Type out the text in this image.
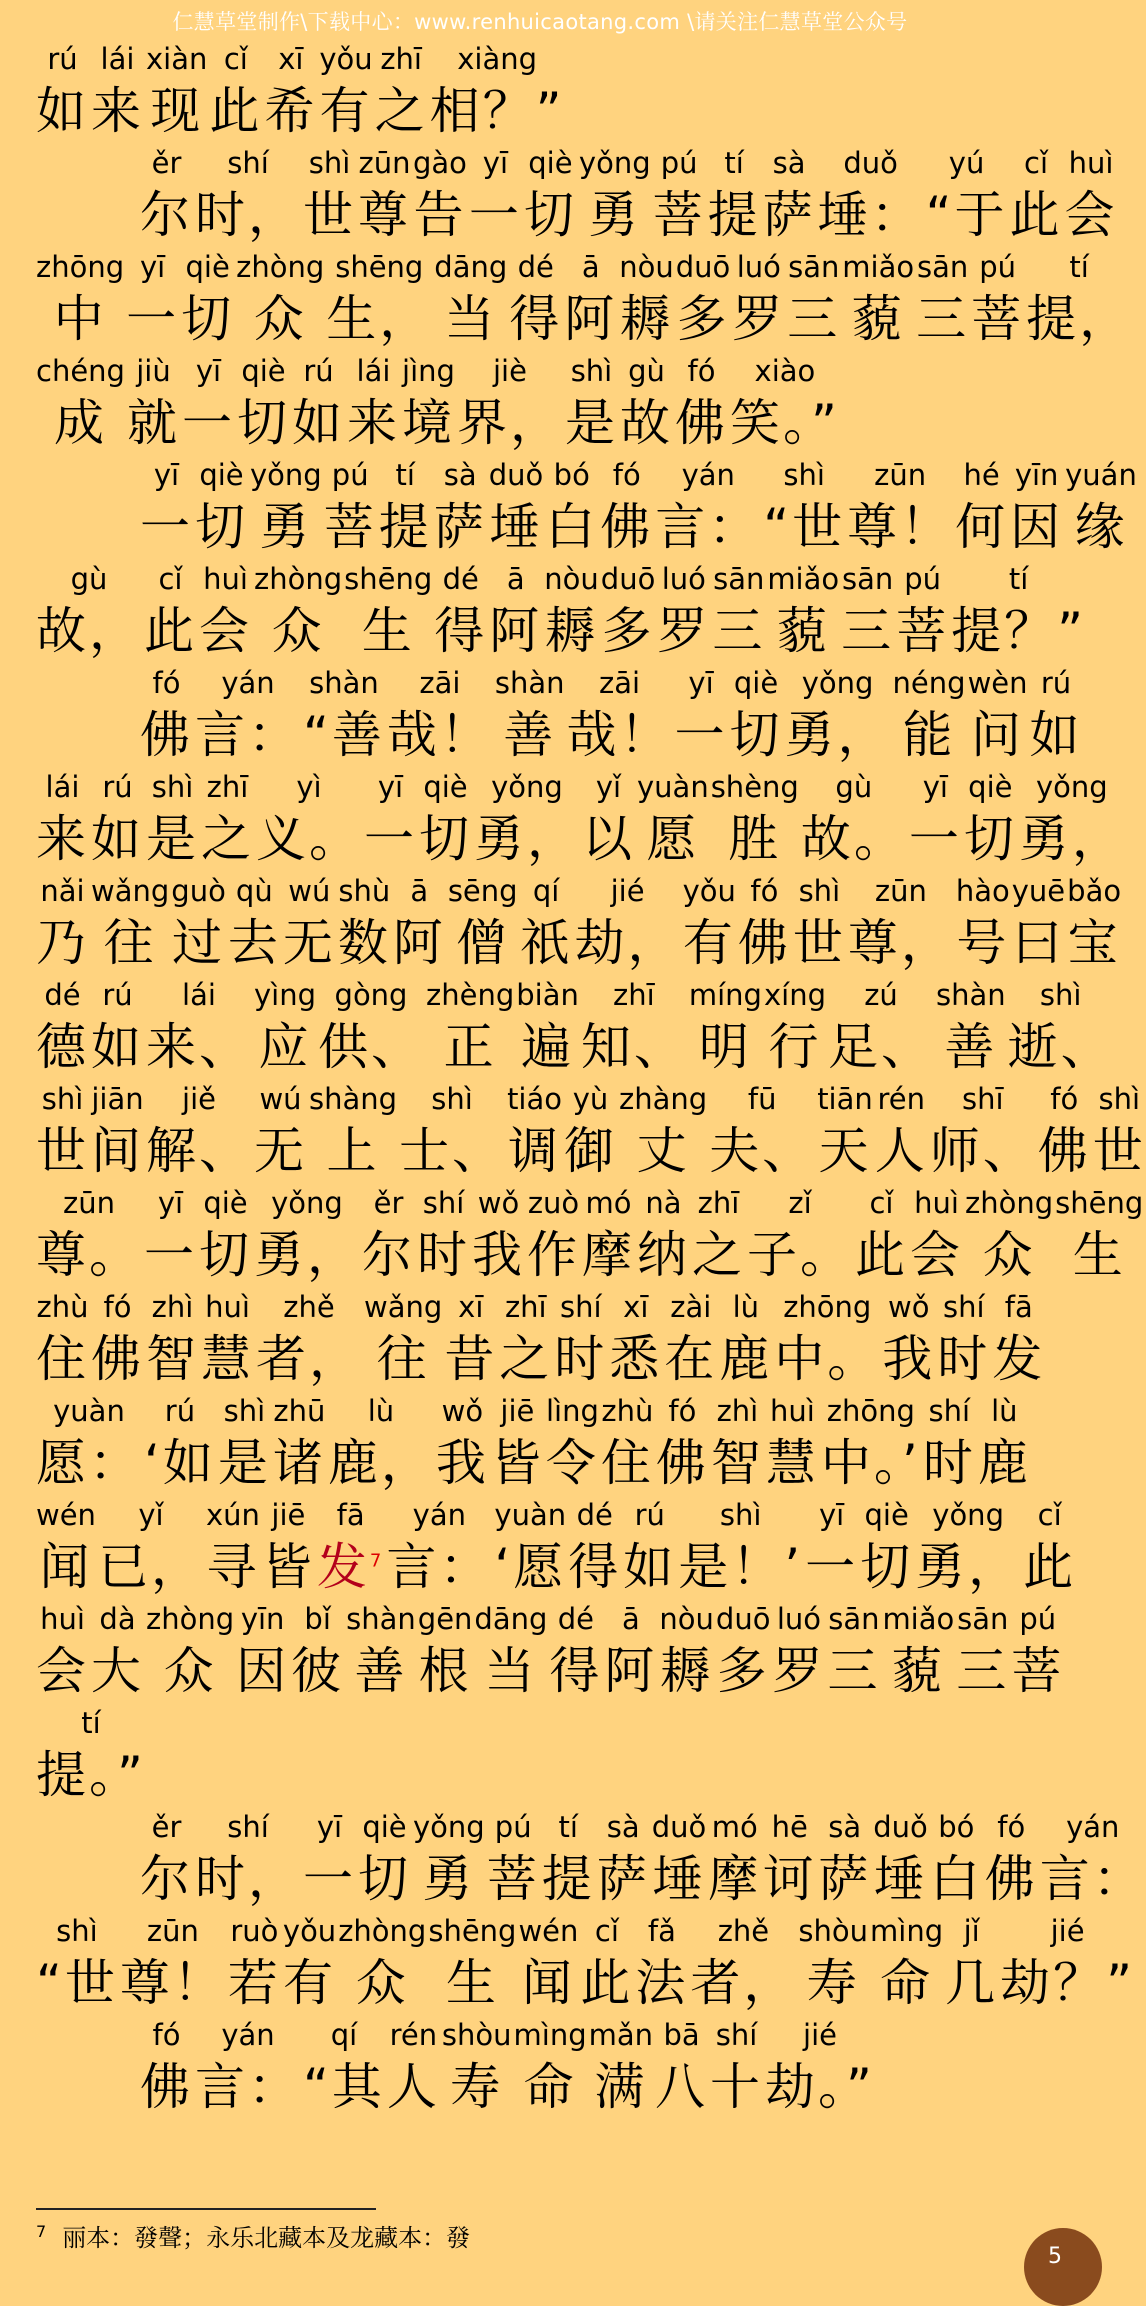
仁慧草堂制作\下载中心：www.renhuicaotang.com \请关注仁慧草堂公众号
rú
如
lái
来
xiàn
现
cǐ
此
xī
希
yǒu
有
zhī
之
xiàng
相？”
ěr
尔
shí
时，
shì
世
zūn
尊
gào
告
yī
一
qiè
切
yǒng
勇
pú
菩
tí
提
sà
萨
duǒ
埵：
yú
“于
cǐ
此
huì
会
zhōng
中
yī
一
qiè
切
zhòng
众
shēng
生，
dāng
当
dé
得
ā
阿
nòu
耨
duō
多
luó
罗
sān
三
miǎo
藐
sān
三
pú
菩
tí
提，
chéng
成
jiù
就
yī
一
qiè
切
rú
如
lái
来
jìng
境
jiè
界，
shì
是
gù
故
fó
佛
xiào
笑。”
yī
一
qiè
切
yǒng
勇
pú
菩
tí
提
sà
萨
duǒ
埵
bó
白
fó
佛
yán
言：
shì
“世
zūn
尊！
hé
何
yīn
因
yuán
缘
gù
故，
cǐ
此
huì
会
zhòng
众
shēng
生
dé
得
ā
阿
nòu
耨
duō
多
luó
罗
sān
三
miǎo
藐
sān
三
pú
菩
tí
提？”
fó
佛
yán
言：
shàn
“善
zāi
哉！
shàn
善
zāi
哉！
yī
一
qiè
切
yǒng
勇，
néng
能
wèn
问
rú
如
lái
来
rú
如
shì
是
zhī
之
yì
义。
yī
一
qiè
切
yǒng
勇，
yǐ
以
yuàn
愿
shèng
胜
gù
故。
yī
一
qiè
切
yǒng
勇，
nǎi
乃
wǎng
往
guò
过
qù
去
wú
无
shù
数
ā
阿
sēng
僧
qí
祇
jié
劫，
yǒu
有
fó
佛
shì
世
zūn
尊，
hào
号
yuē
曰
bǎo
宝
dé
德
rú
如
lái
来、
yìng
应
gòng
供、
zhèng
正
biàn
遍
zhī
知、
míng
明
xíng
行
zú
足、
shàn
善
shì
逝、
shì
世
jiān
间
jiě
解、
wú
无
shàng
上
shì
士、
tiáo
调
yù
御
zhàng
丈
fū
夫、
tiān
天
rén
人
shī
师、
fó
佛
shì
世
zūn
尊。
yī
一
qiè
切
yǒng
勇，
ěr
尔
shí
时
wǒ
我
zuò
作
mó
摩
nà
纳
zhī
之
zǐ
子。
cǐ
此
huì
会
zhòng
众
shēng
生
zhù
住
fó
佛
zhì
智
huì
慧
zhě
者，
wǎng
往
xī
昔
zhī
之
shí
时
xī
悉
zài
在
lù
鹿
zhōng
中。
wǒ
我
shí
时
fā
发
yuàn
愿：
rú
‘如
shì
是
zhū
诸
lù
鹿，
wǒ
我
jiē
皆
lìng
令
zhù
住
fó
佛
zhì
智
huì
慧
zhōng
中。’
shí
时
lù
鹿
wén
闻
yǐ
已，
xún
寻
jiē
皆
fā
发$^7$
yán
言：
yuàn
‘愿
dé
得
rú
如
shì
是！’
yī
一
qiè
切
yǒng
勇，
cǐ
此
huì
会
dà
大
zhòng
众
yīn
因
bǐ
彼
shàn
善
gēn
根
dāng
当
dé
得
ā
阿
nòu
耨
duō
多
luó
罗
sān
三
miǎo
藐
sān
三
pú
菩
tí
提。”
ěr
尔
shí
时，
yī
一
qiè
切
yǒng
勇
pú
菩
tí
提
sà
萨
duǒ
埵
mó
摩
hē
诃
sà
萨
duǒ
埵
bó
白
fó
佛
yán
言：
shì
“世
zūn
尊！
ruò
若
yǒu
有
zhòng
众
shēng
生
wén
闻
cǐ
此
fǎ
法
zhě
者，
shòu
寿
mìng
命
jǐ
几
jié
劫？”
fó
佛
yán
言：
qí
“其
rén
人
shòu
寿
mìng
命
mǎn
满
bā
八
shí
十
jié
劫。”
$^7$ 丽本：發聲；永乐北藏本及龙藏本：發
5
